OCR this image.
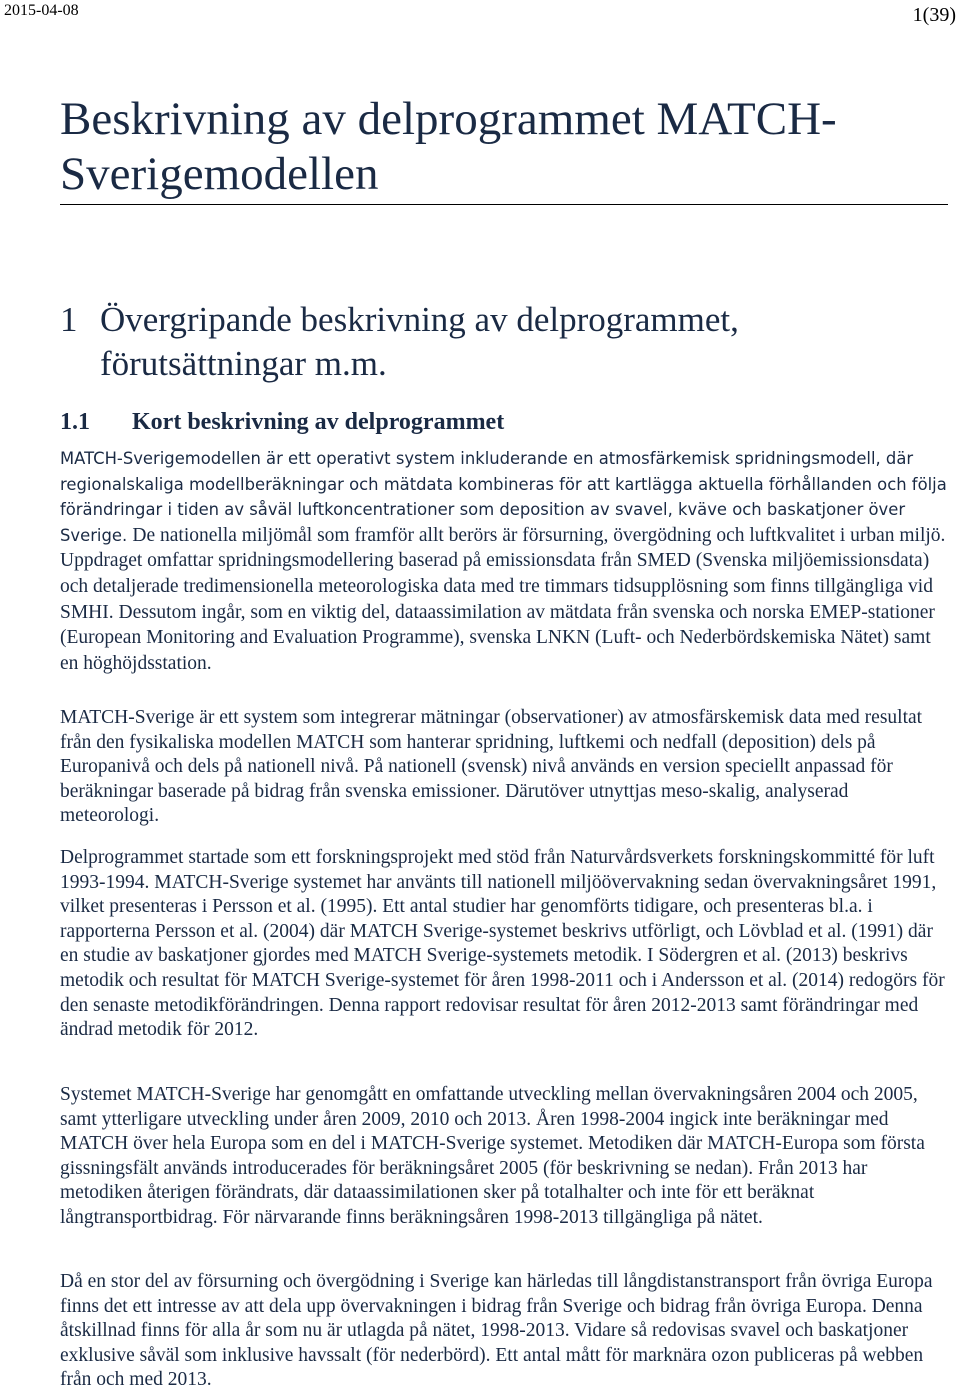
2015-04-08	1(39)
Beskrivning av delprogrammet MATCH-Sverigemodellen
1 Övergripande beskrivning av delprogrammet,
förutsättningar m.m.
1.1 Kort beskrivning av delprogrammet

MATCH-Sverigemodellen är ett operativt system inkluderande en atmosfärkemisk spridningsmodell, där regionalskaliga modellberäkningar och mätdata kombineras för att kartlägga aktuella förhållanden och följa förändringar i tiden av såväl luftkoncentrationer som deposition av svavel, kväve och baskatjoner över Sverige. De nationella miljömål som framför allt berörs är försurning, övergödning och luftkvalitet i urban miljö. Uppdraget omfattar spridningsmodellering baserad på emissionsdata från SMED (Svenska miljöemissionsdata) och detaljerade tredimensionella meteorologiska data med tre timmars tidsupplösning som finns tillgängliga vid SMHI. Dessutom ingår, som en viktig del, dataassimilation av mätdata från svenska och norska EMEP-stationer (European Monitoring and Evaluation Programme), svenska LNKN (Luft- och Nederbördskemiska Nätet) samt en höghöjdsstation.

MATCH-Sverige är ett system som integrerar mätningar (observationer) av atmosfärskemisk data med resultat från den fysikaliska modellen MATCH som hanterar spridning, luftkemi och nedfall (deposition) dels på Europanivå och dels på nationell nivå. På nationell (svensk) nivå används en version speciellt anpassad för beräkningar baserade på bidrag från svenska emissioner. Därutöver utnyttjas meso-skalig, analyserad meteorologi.

Delprogrammet startade som ett forskningsprojekt med stöd från Naturvårdsverkets forskningskommitté för luft 1993-1994. MATCH-Sverige systemet har använts till nationell miljöövervakning sedan övervakningsåret 1991, vilket presenteras i Persson et al. (1995). Ett antal studier har genomförts tidigare, och presenteras bl.a. i rapporterna Persson et al. (2004) där MATCH Sverige-systemet beskrivs utförligt, och Lövblad et al. (1991) där en studie av baskatjoner gjordes med MATCH Sverige-systemets metodik. I Södergren et al. (2013) beskrivs metodik och resultat för MATCH Sverige-systemet för åren 1998-2011 och i Andersson et al. (2014) redogörs för den senaste metodikförändringen. Denna rapport redovisar resultat för åren 2012-2013 samt förändringar med ändrad metodik för 2012.

Systemet MATCH-Sverige har genomgått en omfattande utveckling mellan övervakningsåren 2004 och 2005, samt ytterligare utveckling under åren 2009, 2010 och 2013. Åren 1998-2004 ingick inte beräkningar med MATCH över hela Europa som en del i MATCH-Sverige systemet. Metodiken där MATCH-Europa som första gissningsfält används introducerades för beräkningsåret 2005 (för beskrivning se nedan). Från 2013 har metodiken återigen förändrats, där dataassimilationen sker på totalhalter och inte för ett beräknat långtransportbidrag. För närvarande finns beräkningsåren 1998-2013 tillgängliga på nätet.

Då en stor del av försurning och övergödning i Sverige kan härledas till långdistanstransport från övriga Europa finns det ett intresse av att dela upp övervakningen i bidrag från Sverige och bidrag från övriga Europa. Denna åtskillnad finns för alla år som nu är utlagda på nätet, 1998-2013. Vidare så redovisas svavel och baskatjoner exklusive såväl som inklusive havssalt (för nederbörd). Ett antal mått för marknära ozon publiceras på webben från och med 2013.
